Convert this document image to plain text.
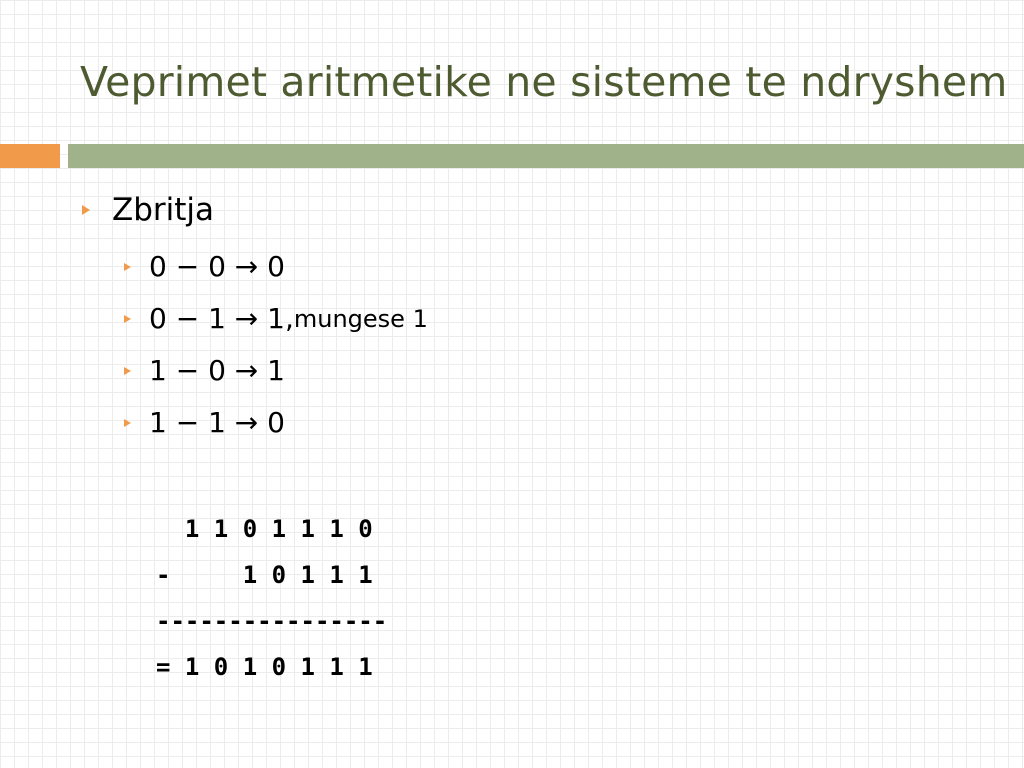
Veprimet aritmetike ne sisteme te ndryshem
Zbritja
0 − 0 → 0
0 − 1 → 1, mungese 1
1 − 0 → 1
1 − 1 → 0
1 1 0 1 1 1 0
-     1 0 1 1 1
----------------
= 1 0 1 0 1 1 1
